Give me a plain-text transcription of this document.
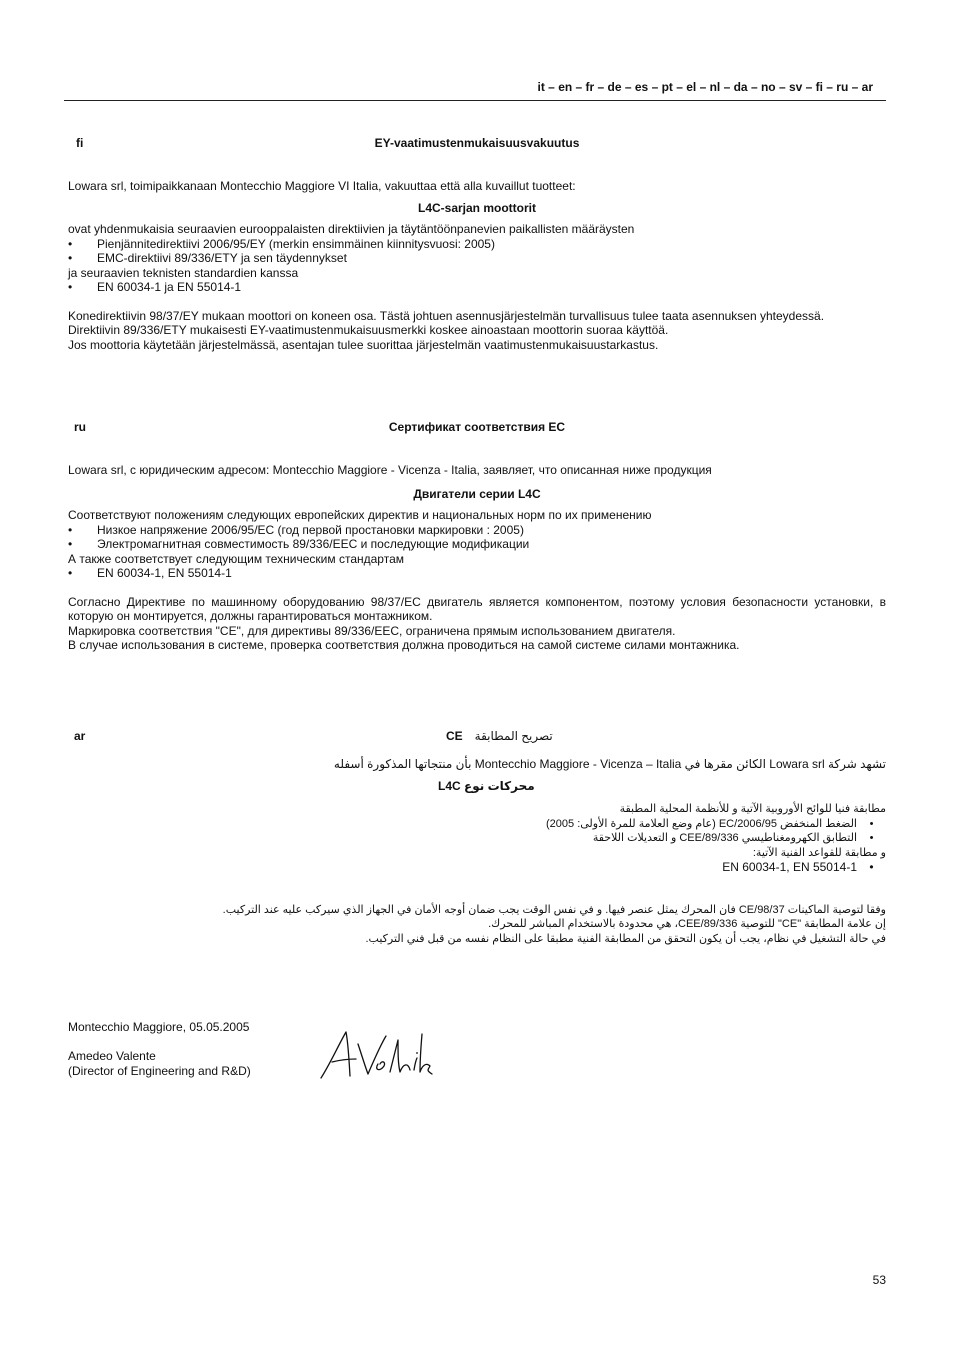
it – en – fr – de – es – pt – el – nl – da – no – sv – fi – ru – ar
fi	EY-vaatimustenmukaisuusvakuutus

Lowara srl, toimipaikkanaan Montecchio Maggiore VI Italia, vakuuttaa että alla kuvaillut tuotteet:

L4C-sarjan moottorit

ovat yhdenmukaisia seuraavien eurooppalaisten direktiivien ja täytäntöönpanevien paikallisten määräysten

•	Pienjännitedirektiivi 2006/95/EY (merkin ensimmäinen kiinnitysvuosi: 2005)
•	EMC-direktiivi 89/336/ETY ja sen täydennykset

ja seuraavien teknisten standardien kanssa

•	EN 60034-1 ja EN 55014-1

Konedirektiivin 98/37/EY mukaan moottori on koneen osa. Tästä johtuen asennusjärjestelmän turvallisuus tulee taata asennuksen yhteydessä.

Direktiivin 89/336/ETY mukaisesti EY-vaatimustenmukaisuusmerkki koskee ainoastaan moottorin suoraa käyttöä.

Jos moottoria käytetään järjestelmässä, asentajan tulee suorittaa järjestelmän vaatimustenmukaisuustarkastus.

ru	Сертификат соответствия ЕС

Lowara srl, с юридическим адресом: Montecchio Maggiore - Vicenza - Italia, заявляет, что описанная ниже продукция

Двигатели серии L4C

Соответствуют положениям следующих европейских директив и национальных норм по их применению

•	Низкое напряжение 2006/95/EC (год первой простановки маркировки : 2005)
•	Электромагнитная совместимость 89/336/EEC и последующие модификации

А также соответствует следующим техническим стандартам

•	EN 60034-1, EN 55014-1

Согласно Директиве по машинному оборудованию 98/37/EC двигатель является компонентом, поэтому условия безопасности установки, в которую он монтируется, должны гарантироваться монтажником.

Маркировка соответствия "CE", для директивы 89/336/EEC, ограничена прямым использованием двигателя.

В случае использования в системе, проверка соответствия должна проводиться на самой системе силами монтажника.

ar	CE تصريح المطابقة

تشهد شركة Lowara srl الكائن مقرها في Montecchio Maggiore - Vicenza – Italia بأن منتجاتها المذكورة أسفله

محركات نوع L4C

مطابقة فنيا للوائح الأوروبية الآتية و للأنظمة المحلية المطبقة

•
الضغط المنخفض 2006/95/EC (عام وضع العلامة للمرة الأولى: 2005)
•
التطابق الكهرومغناطيسي 89/336/CEE و التعديلات اللاحقة

و مطابقة للقواعد الفنية الآتية:

•
EN 60034-1, EN 55014-1

وفقا لتوصية الماكينات 98/37/CE فان المحرك يمثل عنصر فيها. و في نفس الوقت يجب ضمان أوجه الأمان في الجهاز الذي سيركب عليه عند التركيب.

إن علامة المطابقة "CE" للتوصية 89/336/CEE، هي محدودة بالاستخدام المباشر للمحرك.

في حالة التشغيل في نظام، يجب أن يكون التحقق من المطابقة الفنية مطبقا على النظام نفسه من قبل فني التركيب.

Montecchio Maggiore, 05.05.2005
Amedeo Valente
(Director of Engineering and R&D)
53
